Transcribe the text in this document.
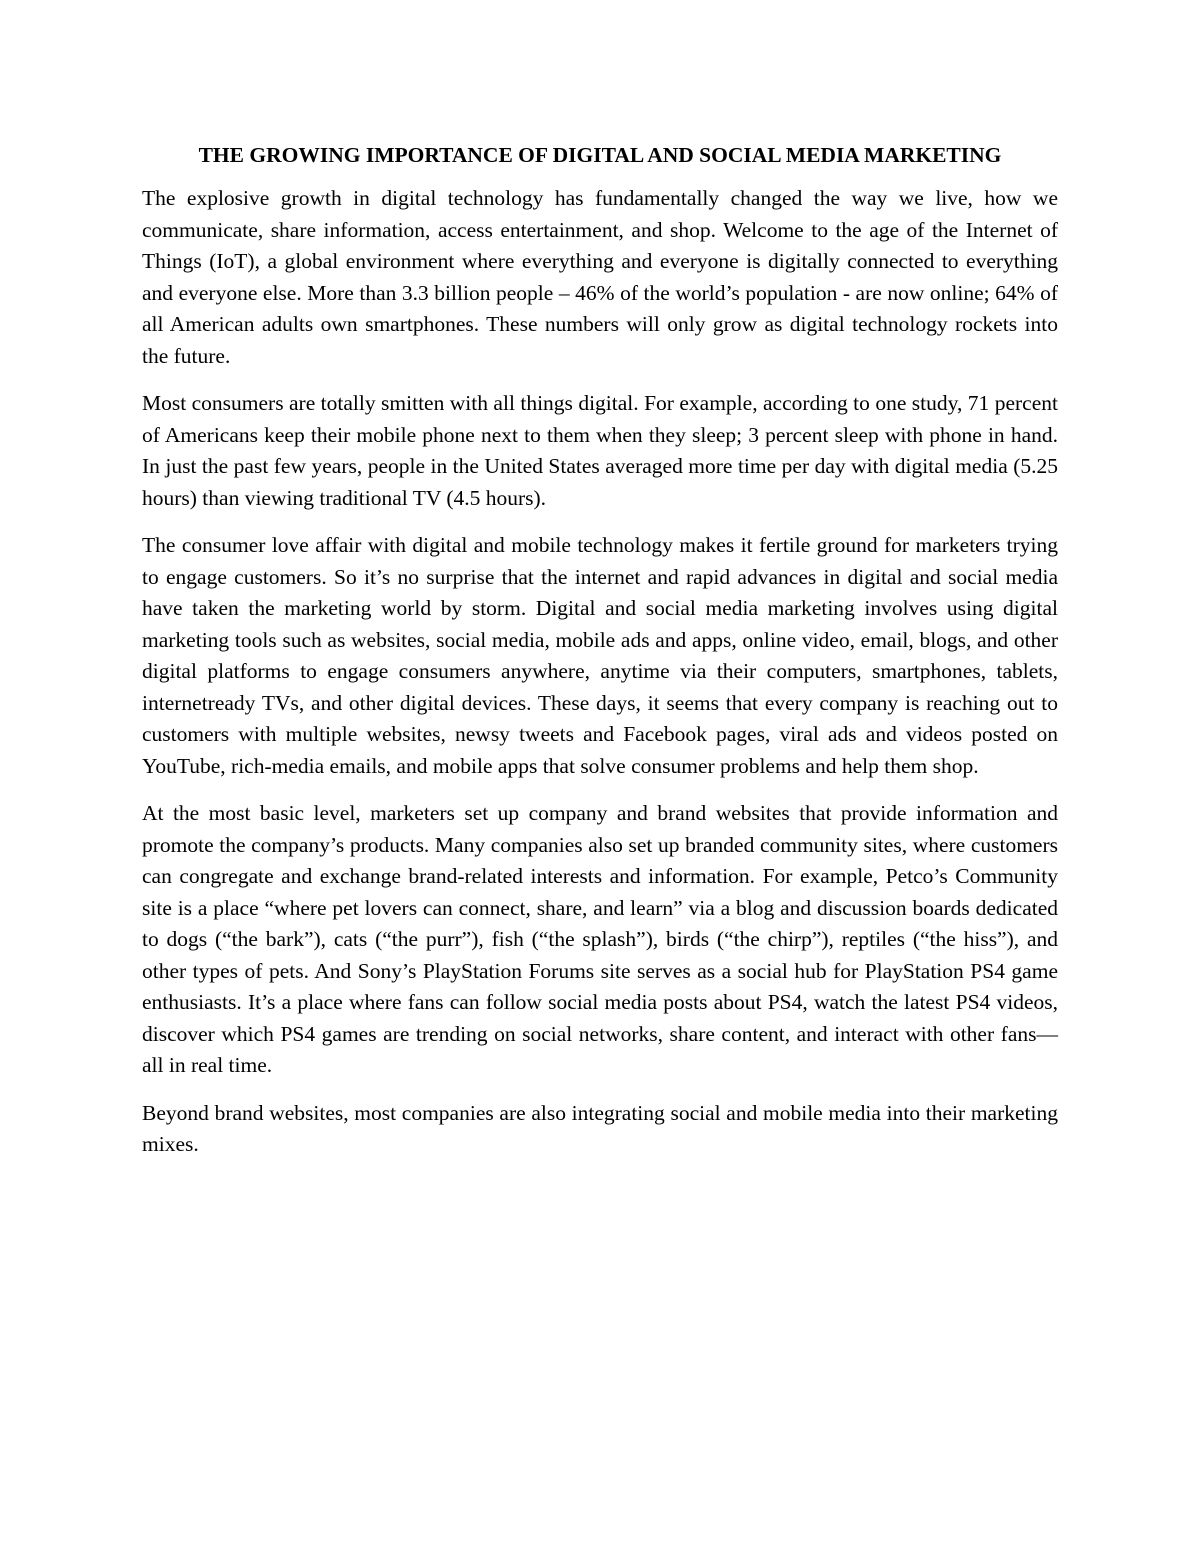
THE GROWING IMPORTANCE OF DIGITAL AND SOCIAL MEDIA MARKETING

The explosive growth in digital technology has fundamentally changed the way we live, how we communicate, share information, access entertainment, and shop. Welcome to the age of the Internet of Things (IoT), a global environment where everything and everyone is digitally connected to everything and everyone else. More than 3.3 billion people – 46% of the world’s population - are now online; 64% of all American adults own smartphones. These numbers will only grow as digital technology rockets into the future.

Most consumers are totally smitten with all things digital. For example, according to one study, 71 percent of Americans keep their mobile phone next to them when they sleep; 3 percent sleep with phone in hand. In just the past few years, people in the United States averaged more time per day with digital media (5.25 hours) than viewing traditional TV (4.5 hours).

The consumer love affair with digital and mobile technology makes it fertile ground for marketers trying to engage customers. So it’s no surprise that the internet and rapid advances in digital and social media have taken the marketing world by storm. Digital and social media marketing involves using digital marketing tools such as websites, social media, mobile ads and apps, online video, email, blogs, and other digital platforms to engage consumers anywhere, anytime via their computers, smartphones, tablets, internetready TVs, and other digital devices. These days, it seems that every company is reaching out to customers with multiple websites, newsy tweets and Facebook pages, viral ads and videos posted on YouTube, rich-media emails, and mobile apps that solve consumer problems and help them shop.

At the most basic level, marketers set up company and brand websites that provide information and promote the company’s products. Many companies also set up branded community sites, where customers can congregate and exchange brand-related interests and information. For example, Petco’s Community site is a place “where pet lovers can connect, share, and learn” via a blog and discussion boards dedicated to dogs (“the bark”), cats (“the purr”), fish (“the splash”), birds (“the chirp”), reptiles (“the hiss”), and other types of pets. And Sony’s PlayStation Forums site serves as a social hub for PlayStation PS4 game enthusiasts. It’s a place where fans can follow social media posts about PS4, watch the latest PS4 videos, discover which PS4 games are trending on social networks, share content, and interact with other fans—all in real time.

Beyond brand websites, most companies are also integrating social and mobile media into their marketing mixes.
